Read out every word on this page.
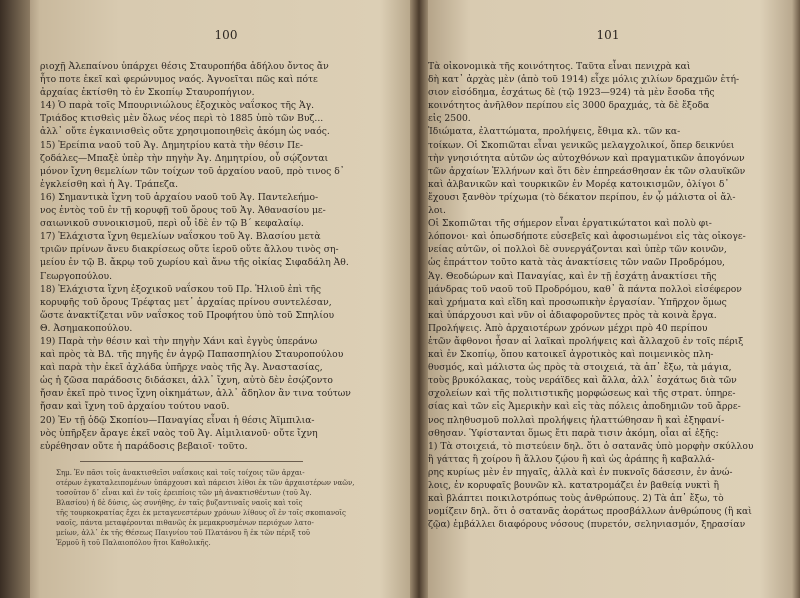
100

ριοχῇ Ἀλεπαίνου ὑπάρχει θέσις Σταυροπήδα ἀδήλου ὄντος ἄν
ἦτο ποτε ἐκεῖ καὶ φερώνυμος ναός. Ἀγνοεῖται πῶς καὶ πότε
ἀρχαίας ἐκτίσθη τὸ ἐν Σκοπίῳ Σταυροπήγιον.
14) Ὁ παρὰ τοῖς Μπουρινιώλους ἐξοχικὸς ναΐσκος τῆς Ἁγ.
Τριάδος κτισθεὶς μὲν ὅλως νέος περὶ τὸ 1885 ὑπὸ τῶν Βυζ...
ἀλλ᾽ οὔτε ἐγκαινισθεὶς οὔτε χρησιμοποιηθεὶς ἀκόμη ὡς ναός.
15) Ἐρείπια ναοῦ τοῦ Ἁγ. Δημητρίου κατὰ τὴν θέσιν Πε-
ζοδάλες—Μπαξὲ ὑπὲρ τὴν πηγὴν Ἁγ. Δημητρίου, οὗ σῴζονται
μόνον ἴχνη θεμελίων τῶν τοίχων τοῦ ἀρχαίου ναοῦ, πρὸ τινος δ᾽
ἐγκλείσθη καὶ ἡ Ἁγ. Τράπεζα.
16) Σημαντικὰ ἴχνη τοῦ ἀρχαίου ναοῦ τοῦ Ἁγ. Παντελεήμο-
νος ἐντὸς τοῦ ἐν τῇ κορυφῇ τοῦ ὄρους τοῦ Ἁγ. Ἀθανασίου με-
σαιωνικοῦ συνοικισμοῦ, περὶ οὗ ἰδὲ ἐν τῷ Β΄ κεφαλαίῳ.
17) Ἐλάχιστα ἴχνη θεμελίων ναΐσκου τοῦ Ἁγ. Βλασίου μετὰ
τριῶν πρίνων ἄνευ διακρίσεως οὔτε ἱεροῦ οὔτε ἄλλου τινὸς ση-
μείου ἐν τῷ Β. ἄκρῳ τοῦ χωρίου καὶ ἄνω τῆς οἰκίας Σιφαδάλη Ἀθ.
Γεωργοπούλου.
18) Ἐλάχιστα ἴχνη ἐξοχικοῦ ναΐσκου τοῦ Πρ. Ἡλιοῦ ἐπὶ τῆς
κορυφῆς τοῦ ὄρους Τρέφτας μετ᾽ ἀρχαίας πρίνου συντελέσαν,
ὥστε ἀνακτίζεται νῦν ναΐσκος τοῦ Προφήτου ὑπὸ τοῦ Σπηλίου
Θ. Ἀσημακοπούλου.
19) Παρὰ τὴν θέσιν καὶ τὴν πηγὴν Χάνι καὶ ἐγγὺς ὑπεράνω
καὶ πρὸς τὰ ΒΔ. τῆς πηγῆς ἐν ἀγρῷ Παπασπηλίου Σταυροπούλου
καὶ παρὰ τὴν ἐκεῖ ἀχλάδα ὑπῆρχε ναὸς τῆς Ἁγ. Ἀναστασίας,
ὡς ἡ ζῶσα παράδοσις διδάσκει, ἀλλ᾽ ἴχνη, αὐτὸ δὲν ἐσῴζοντο
ἤσαν ἐκεῖ πρὸ τινος ἴχνη οἰκημάτων, ἀλλ᾽ ἄδηλον ἂν τινα τούτων
ἤσαν καὶ ἴχνη τοῦ ἀρχαίου τούτου ναοῦ.
20) Ἐν τῇ ὁδῷ Σκοπίου—Παναγίας εἶναι ἡ θέσις Ἀϊμπιλια-
νὸς ὑπῆρξεν ἄραγε ἐκεῖ ναὸς τοῦ Ἁγ. Αἰμιλιανοῦ· οὔτε ἴχνη
εὑρέθησαν οὔτε ἡ παράδοσις βεβαιοῖ· τοῦτο.
Σημ. Ἐν πᾶσι τοῖς ἀνακτισθεῖσι ναΐσκοις καὶ τοῖς τοίχοις τῶν ἀρχαι-
οτέρων ἐγκαταλειπομένων ὑπάρχουσι καὶ πάρεισι λίθοι ἐκ τῶν ἀρχαιοτέρων ναῶν,
τοσοῦτον δ᾽ εἶναι καὶ ἐν τοῖς ἐρειπίοις τῶν μὴ ἀνακτισθέντων (τοῦ Ἁγ.
Βλασίου) ἡ δὲ δύσις, ὡς συνήθης, ἐν ταῖς βυζαντιναῖς ναοῖς καὶ τοῖς
τῆς τουρκοκρατίας ἔχει ἐκ μεταγενεστέρων χρόνων λίθους οἳ ἐν τοῖς σκοπιανοῖς
ναοῖς, πάντα μεταφέρονται πιθανῶς ἐκ μεμακρυσμένων περιόχων λατο-
μείων, ἀλλ᾽ ἐκ τῆς Θέσεως Παιγνίου τοῦ Πλατάνου ἢ ἐκ τῶν πέριξ τοῦ
Ἐρμοῦ ἢ τοῦ Παλαιοπόλου ἤτοι Καθολικῆς.

101

Τὰ οἰκονομικὰ τῆς κοινότητος. Ταῦτα εἶναι πενιχρὰ καὶ
δὴ κατ᾽ ἀρχὰς μὲν (ἀπὸ τοῦ 1914) εἶχε μόλις χιλίων δραχμῶν ἐτή-
σιον εἰσόδημα, ἐσχάτως δὲ (τῷ 1923—924) τὰ μὲν ἔσοδα τῆς
κοινότητος ἀνῆλθον περίπου εἰς 3000 δραχμάς, τὰ δὲ ἔξοδα
εἰς 2500.
Ἰδιώματα, ἐλαττώματα, προλήψεις, ἔθιμα κλ. τῶν κα-
τοίκων. Οἱ Σκοπιῶται εἶναι γενικῶς μελαγχολικοί, ὅπερ δεικνύει
τὴν γνησιότητα αὐτῶν ὡς αὐτοχθόνων καὶ πραγματικῶν ἀπογόνων
τῶν ἀρχαίων Ἑλλήνων καὶ ὅτι δὲν ἐπηρεάσθησαν ἐκ τῶν σλαυϊκῶν
καὶ ἀλβανικῶν καὶ τουρκικῶν ἐν Μορέᾳ κατοικισμῶν, ὀλίγοι δ᾽
ἔχουσι ξανθὸν τρίχωμα (τὸ δέκατον περίπου, ἐν ᾧ μάλιστα οἱ ἄλ-
λοι.
Οἱ Σκοπιῶται τῆς σήμερον εἶναι ἐργατικώτατοι καὶ πολὺ φι-
λόπονοι· καὶ ὁπωσδήποτε εὐσεβεῖς καὶ ἀφοσιωμένοι εἰς τὰς οἰκογε-
νείας αὐτῶν, οἱ πολλοὶ δὲ συνεργάζονται καὶ ὑπὲρ τῶν κοινῶν,
ὡς ἐπράττον τοῦτο κατὰ τὰς ἀνακτίσεις τῶν ναῶν Προδρόμου,
Ἁγ. Θεοδώρων καὶ Παναγίας, καὶ ἐν τῇ ἐσχάτῃ ἀνακτίσει τῆς
μάνδρας τοῦ ναοῦ τοῦ Προδρόμου, καθ᾽ ἃ πάντα πολλοὶ εἰσέφερον
καὶ χρήματα καὶ εἴδη καὶ προσωπικὴν ἐργασίαν. Ὑπῆρχον ὅμως
καὶ ὑπάρχουσι καὶ νῦν οἱ ἀδιαφοροῦντες πρὸς τὰ κοινὰ ἔργα.
Προλήψεις. Ἀπὸ ἀρχαιοτέρων χρόνων μέχρι πρὸ 40 περίπου
ἐτῶν ἄφθονοι ἦσαν αἱ λαϊκαὶ προλήψεις καὶ ἄλλαχοῦ ἐν τοῖς πέριξ
καὶ ἐν Σκοπίῳ, ὅπου κατοικεῖ ἀγροτικὸς καὶ ποιμενικὸς πλη-
θυσμός, καὶ μάλιστα ὡς πρὸς τὰ στοιχειά, τὰ ἀπ᾽ ἔξω, τὰ μάγια,
τοὺς βρυκόλακας, τοὺς νεράϊδες καὶ ἄλλα, ἀλλ᾽ ἐσχάτως διὰ τῶν
σχολείων καὶ τῆς πολιτιστικῆς μορφώσεως καὶ τῆς στρατ. ὑπηρε-
σίας καὶ τῶν εἰς Ἀμερικὴν καὶ εἰς τὰς πόλεις ἀποδημιῶν τοῦ ἄρρε-
νος πληθυσμοῦ πολλαὶ προλήψεις ἠλαττώθησαν ἢ καὶ ἐξηφανί-
σθησαν. Ὑφίστανται ὅμως ἔτι παρὰ τισιν ἀκόμη, οἷαι αἱ ἑξῆς:
1) Τὰ στοιχειά, τὸ πιστεύειν δηλ. ὅτι ὁ σατανᾶς ὑπὸ μορφὴν σκύλλου
ἢ γάττας ἢ χοίρου ἢ ἄλλου ζῴου ἢ καὶ ὡς ἀράπης ἢ καβαλλά-
ρης κυρίως μὲν ἐν πηγαῖς, ἀλλὰ καὶ ἐν πυκνοῖς δάσεσιν, ἐν ἀνώ-
λοις, ἐν κορυφαῖς βουνῶν κλ. κατατρομάζει ἐν βαθείᾳ νυκτὶ ἢ
καὶ βλάπτει ποικιλοτρόπως τοὺς ἀνθρώπους. 2) Τὰ ἀπ᾽ ἔξω, τὸ
νομίζειν δηλ. ὅτι ὁ σατανᾶς ἀοράτως προσβάλλων ἀνθρώπους (ἢ καὶ
ζῷα) ἐμβάλλει διαφόρους νόσους (πυρετόν, σεληνιασμόν, ξηρασίαν
